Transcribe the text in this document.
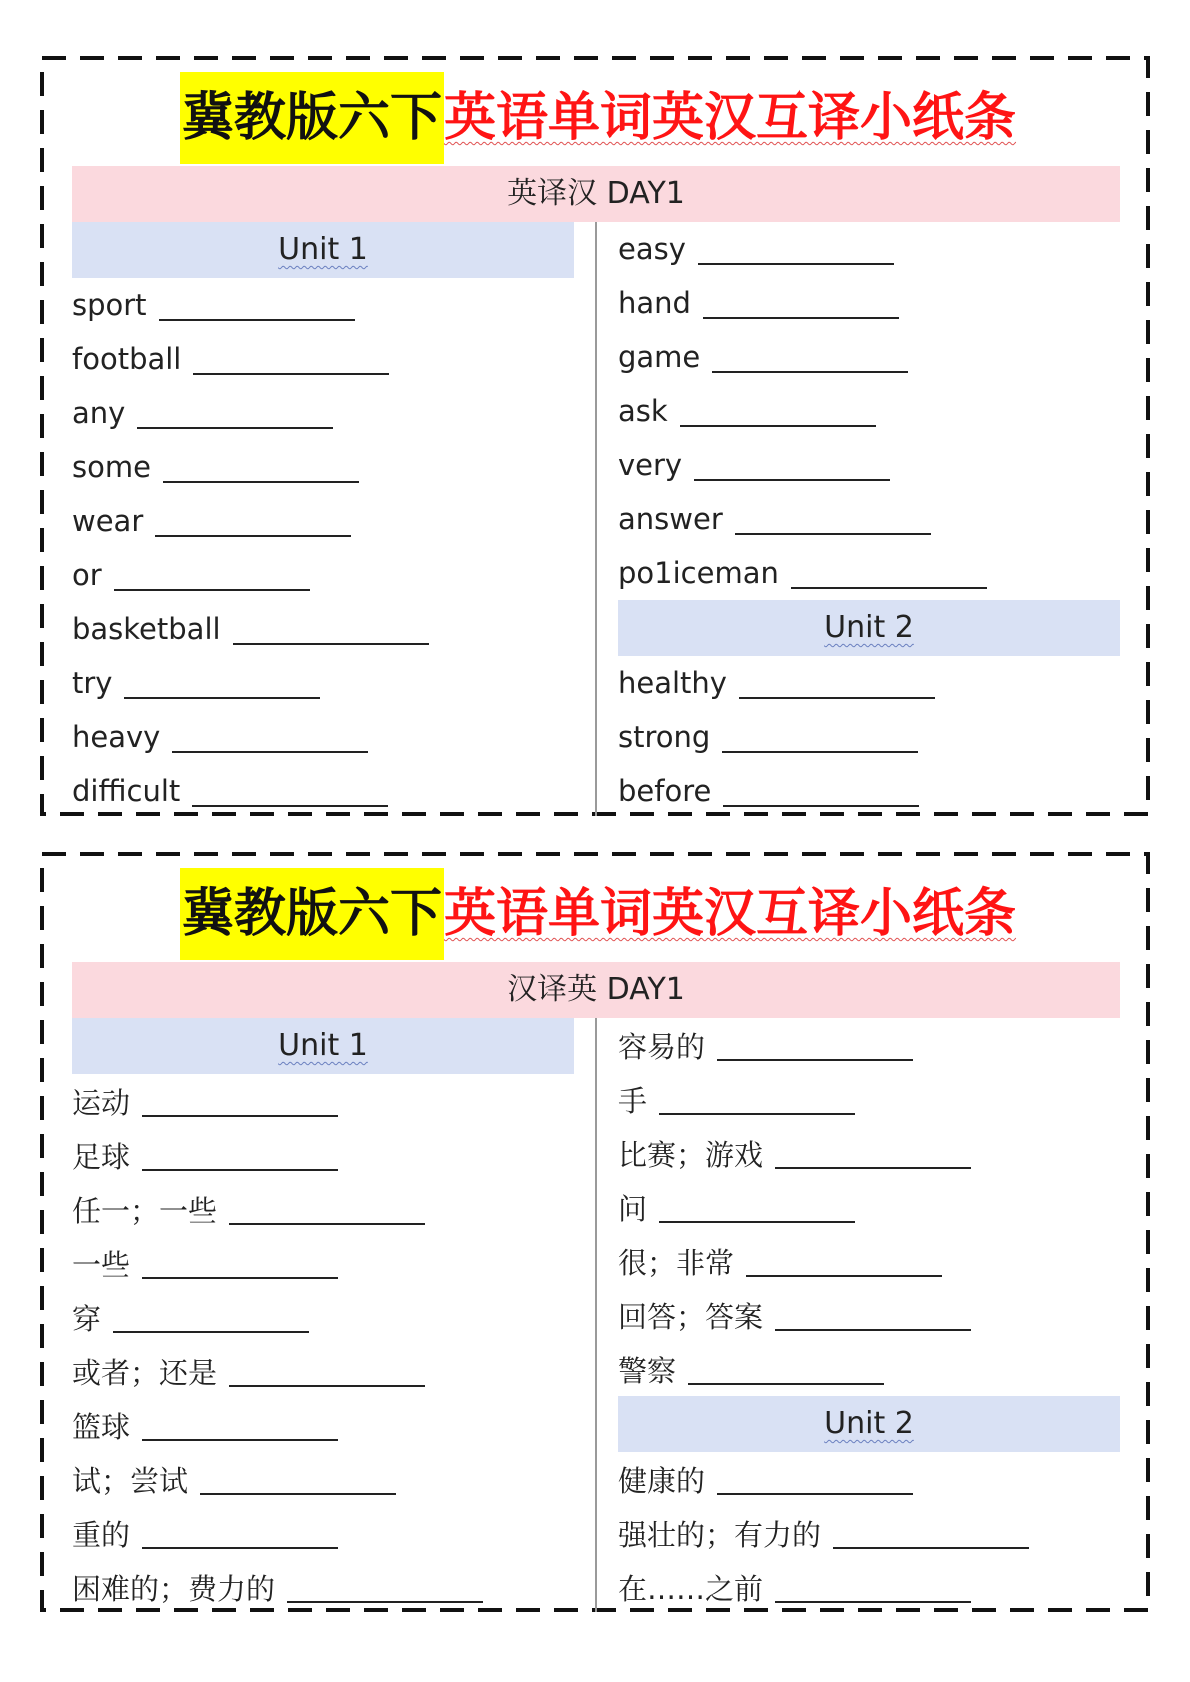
冀教版六下英语单词英汉互译小纸条
英译汉 DAY1
Unit 1
sport
football
any
some
wear
or
basketball
try
heavy
difficult
easy
hand
game
ask
very
answer
po1iceman
Unit 2
healthy
strong
before
冀教版六下英语单词英汉互译小纸条
汉译英 DAY1
Unit 1
运动
足球
任一；一些
一些
穿
或者；还是
篮球
试；尝试
重的
困难的；费力的
容易的
手
比赛；游戏
问
很；非常
回答；答案
警察
Unit 2
健康的
强壮的；有力的
在……之前
